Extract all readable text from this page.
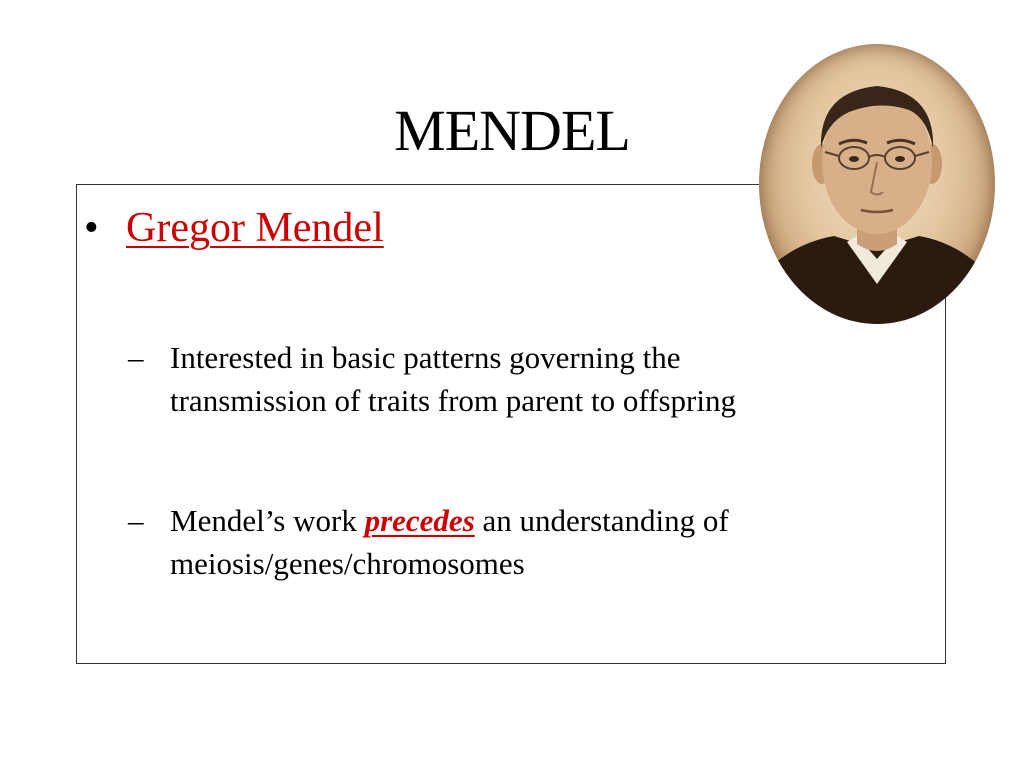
MENDEL
• Gregor Mendel
– Interested in basic patterns governing the
transmission of traits from parent to offspring
– Mendel’s work precedes an understanding of
meiosis/genes/chromosomes
